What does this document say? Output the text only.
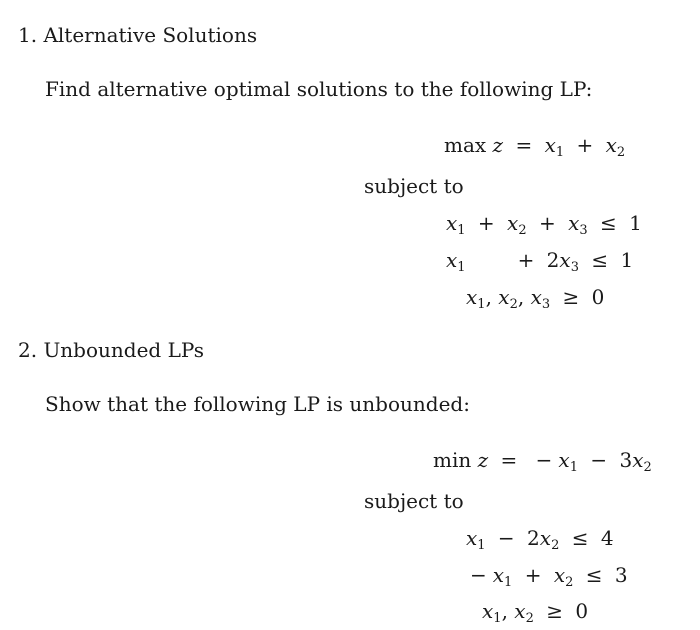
1. Alternative Solutions
Find alternative optimal solutions to the following LP:
$\max z = x_1 + x_2$
subject to
$x_1 + x_2 + x_3 \le 1$
$x_1$	+ $2x_3 \le 1$
$x_1$, $x_2$, $x_3 \ge 0$
2. Unbounded LPs
Show that the following LP is unbounded:
min z = − $x_1 - 3x_2$
subject to
$x_1 - 2x_2 \le 4$
− $x_1 + x_2 \le 3$
$x_1$, $x_2 \ge 0$
